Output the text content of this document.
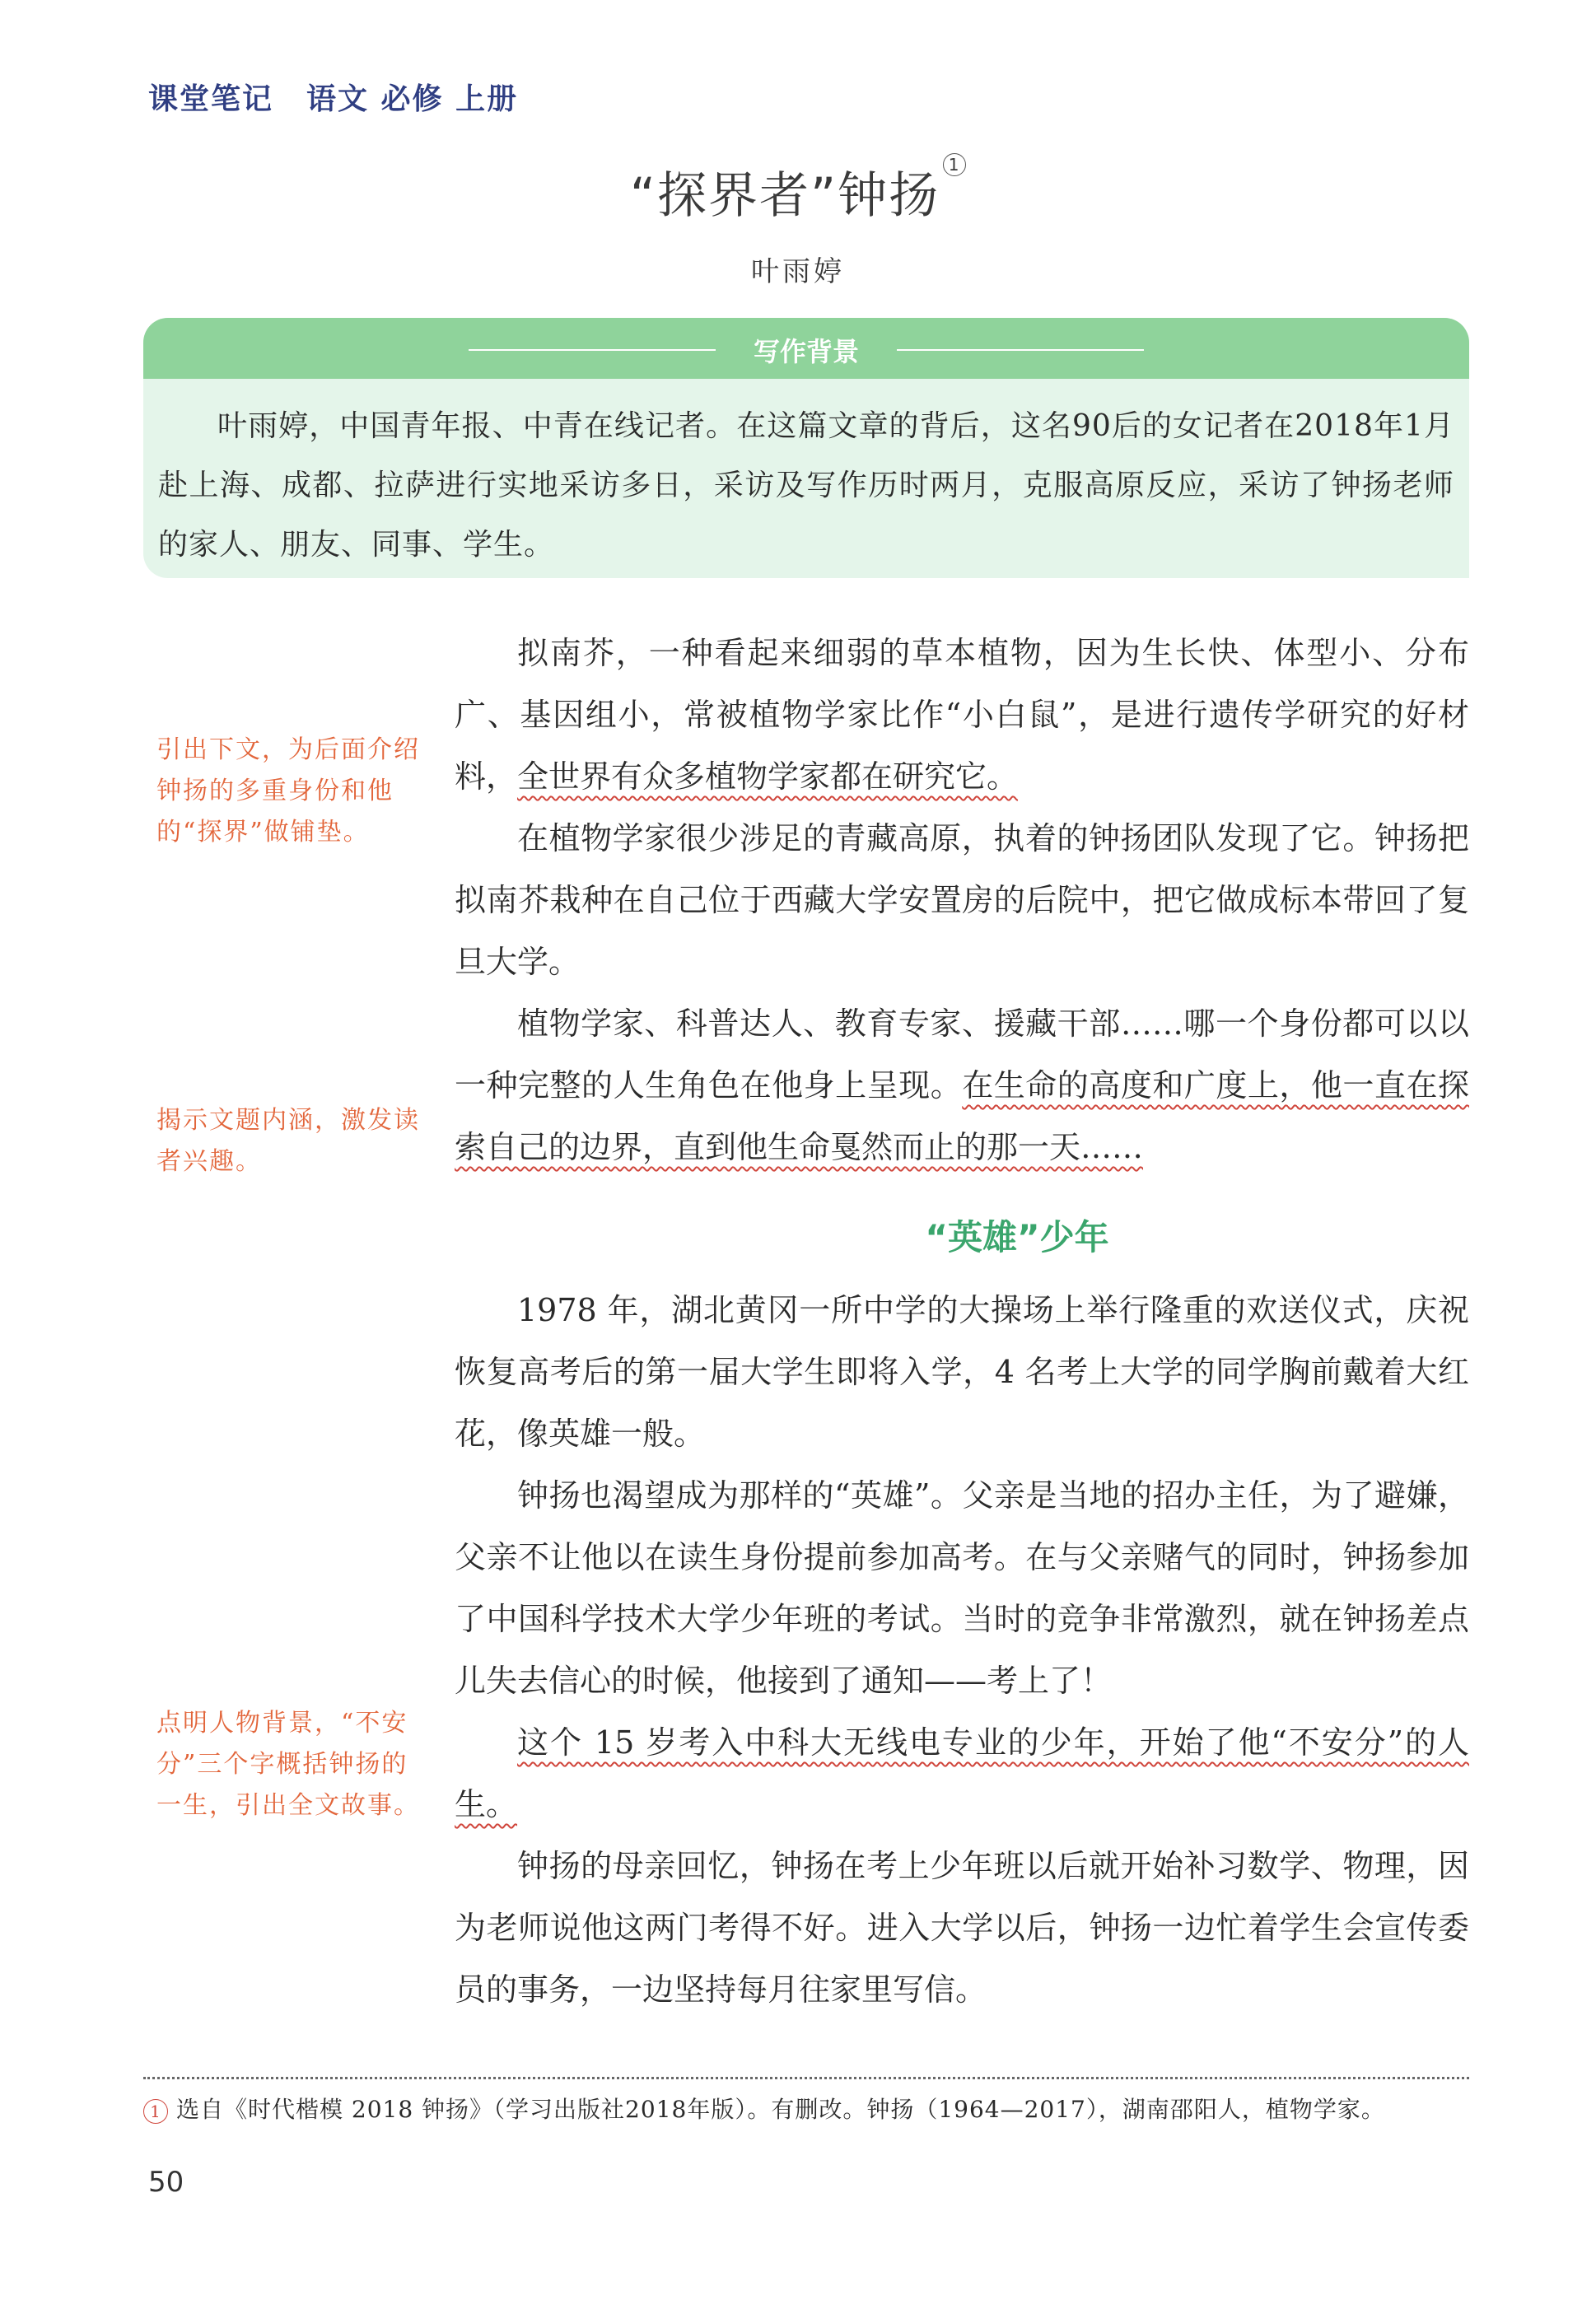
课堂笔记 语文 必修 上册
“探界者”钟扬$^1$
叶雨婷
写作背景
叶雨婷，中国青年报、中青在线记者。在这篇文章的背后，这名90后的女记者在2018年1月赴上海、成都、拉萨进行实地采访多日，采访及写作历时两月，克服高原反应，采访了钟扬老师的家人、朋友、同事、学生。
引出下文，为后面介绍钟扬的多重身份和他的“探界”做铺垫。
揭示文题内涵，激发读者兴趣。
点明人物背景，“不安分”三个字概括钟扬的一生，引出全文故事。

拟南芥，一种看起来细弱的草本植物，因为生长快、体型小、分布广、基因组小，常被植物学家比作“小白鼠”，是进行遗传学研究的好材料，全世界有众多植物学家都在研究它。

在植物学家很少涉足的青藏高原，执着的钟扬团队发现了它。钟扬把拟南芥栽种在自己位于西藏大学安置房的后院中，把它做成标本带回了复旦大学。

植物学家、科普达人、教育专家、援藏干部……哪一个身份都可以以一种完整的人生角色在他身上呈现。在生命的高度和广度上，他一直在探索自己的边界，直到他生命戛然而止的那一天……

“英雄”少年

1978 年，湖北黄冈一所中学的大操场上举行隆重的欢送仪式，庆祝恢复高考后的第一届大学生即将入学，4 名考上大学的同学胸前戴着大红花，像英雄一般。

钟扬也渴望成为那样的“英雄”。父亲是当地的招办主任，为了避嫌，父亲不让他以在读生身份提前参加高考。在与父亲赌气的同时，钟扬参加了中国科学技术大学少年班的考试。当时的竞争非常激烈，就在钟扬差点儿失去信心的时候，他接到了通知——考上了！

这个 15 岁考入中科大无线电专业的少年，开始了他“不安分”的人生。

钟扬的母亲回忆，钟扬在考上少年班以后就开始补习数学、物理，因为老师说他这两门考得不好。进入大学以后，钟扬一边忙着学生会宣传委员的事务，一边坚持每月往家里写信。

1 选自《时代楷模 2018 钟扬》（学习出版社2018年版）。有删改。钟扬（1964—2017），湖南邵阳人，植物学家。
50
